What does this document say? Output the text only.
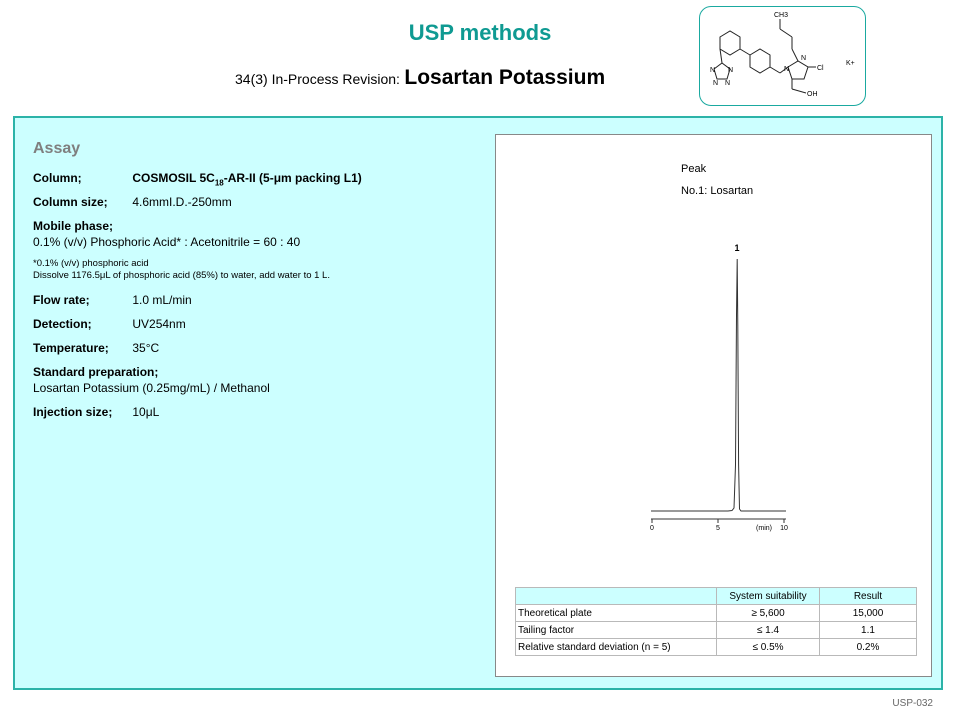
USP methods
34(3) In-Process Revision: Losartan Potassium
CH3
N	Cl
OH
K+
N N
N N
N
Assay
Column;	COSMOSIL $5C_{18}-AR-II$ (5-μm packing L1)
Column size; 4.6mmI.D.-250mm
Mobile phase;
0.1% (v/v) Phosphoric Acid* : Acetonitrile = 60 : 40
*0.1% (v/v) phosphoric acid
Dissolve 1176.5μL of phosphoric acid (85%) to water, add water to 1 L.
Flow rate;	1.0 mL/min
Detection;	UV254nm
Temperature; 35°C
Standard preparation;
Losartan Potassium (0.25mg/mL) / Methanol
Injection size; 10μL
Peak
No.1: Losartan
1
0	5	(min) 10
	System suitability	Result
Theoretical plate	≥ 5,600	15,000
Tailing factor	≤ 1.4	1.1
Relative standard deviation (n = 5)	≤ 0.5%	0.2%
USP-032
